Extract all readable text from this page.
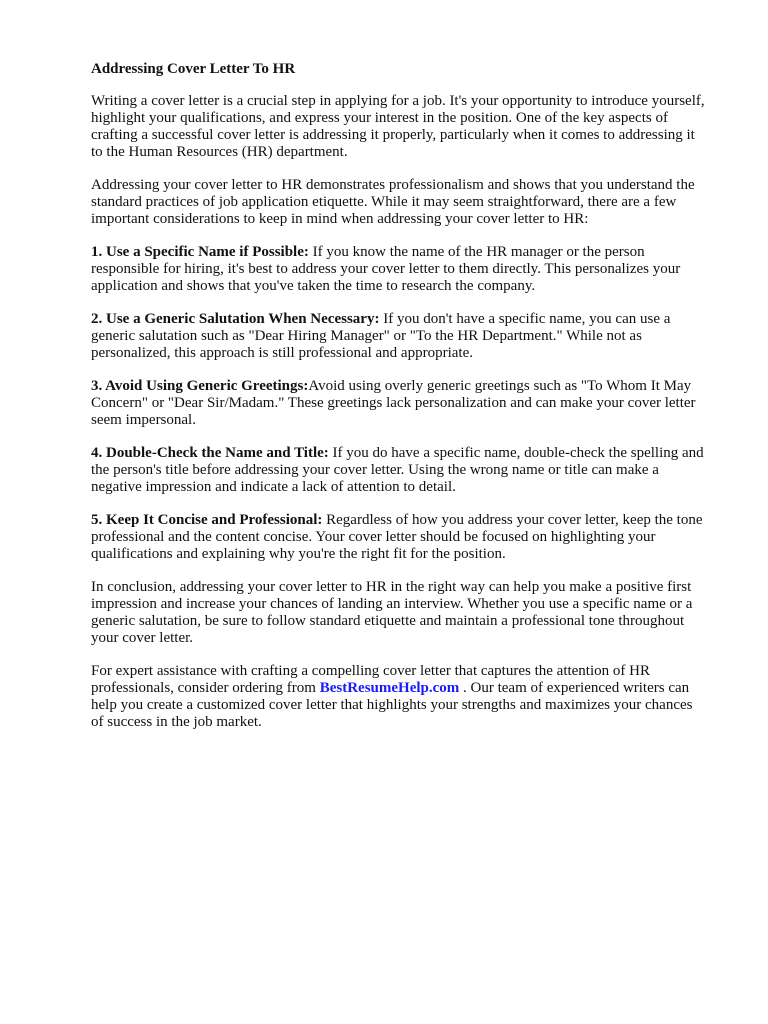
Addressing Cover Letter To HR

Writing a cover letter is a crucial step in applying for a job. It's your opportunity to introduce yourself, highlight your qualifications, and express your interest in the position. One of the key aspects of crafting a successful cover letter is addressing it properly, particularly when it comes to addressing it to the Human Resources (HR) department.

Addressing your cover letter to HR demonstrates professionalism and shows that you understand the standard practices of job application etiquette. While it may seem straightforward, there are a few important considerations to keep in mind when addressing your cover letter to HR:

1. Use a Specific Name if Possible: If you know the name of the HR manager or the person responsible for hiring, it's best to address your cover letter to them directly. This personalizes your application and shows that you've taken the time to research the company.

2. Use a Generic Salutation When Necessary: If you don't have a specific name, you can use a generic salutation such as "Dear Hiring Manager" or "To the HR Department." While not as personalized, this approach is still professional and appropriate.

3. Avoid Using Generic Greetings:Avoid using overly generic greetings such as "To Whom It May Concern" or "Dear Sir/Madam." These greetings lack personalization and can make your cover letter seem impersonal.

4. Double-Check the Name and Title: If you do have a specific name, double-check the spelling and the person's title before addressing your cover letter. Using the wrong name or title can make a negative impression and indicate a lack of attention to detail.

5. Keep It Concise and Professional: Regardless of how you address your cover letter, keep the tone professional and the content concise. Your cover letter should be focused on highlighting your qualifications and explaining why you're the right fit for the position.

In conclusion, addressing your cover letter to HR in the right way can help you make a positive first impression and increase your chances of landing an interview. Whether you use a specific name or a generic salutation, be sure to follow standard etiquette and maintain a professional tone throughout your cover letter.

For expert assistance with crafting a compelling cover letter that captures the attention of HR professionals, consider ordering from BestResumeHelp.com . Our team of experienced writers can help you create a customized cover letter that highlights your strengths and maximizes your chances of success in the job market.
